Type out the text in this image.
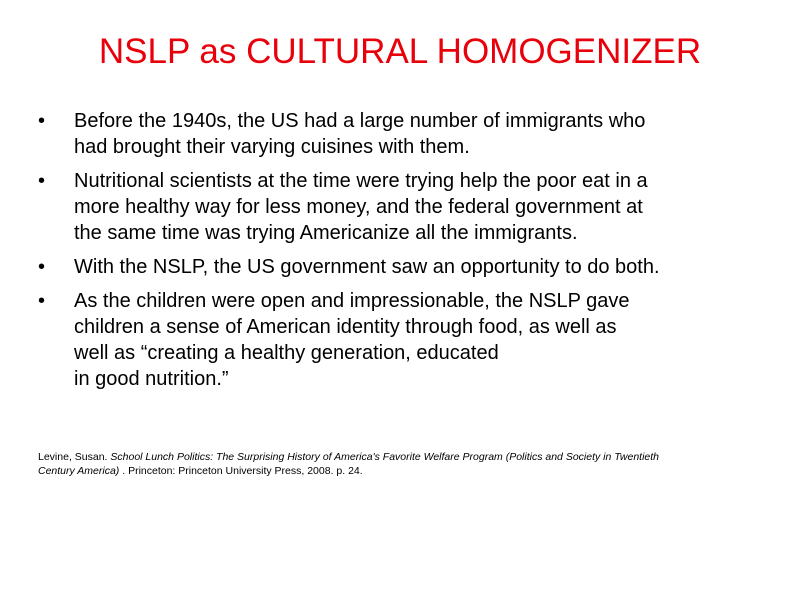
NSLP as CULTURAL HOMOGENIZER
•	Before the 1940s, the US had a large number of immigrants who
had brought their varying cuisines with them.
•	Nutritional scientists at the time were trying help the poor eat in a
more healthy way for less money, and the federal government at
the same time was trying Americanize all the immigrants.
•	With the NSLP, the US government saw an opportunity to do both.
•	As the children were open and impressionable, the NSLP gave
children a sense of American identity through food, as well as
well as “creating a healthy generation, educated
in good nutrition.”
Levine, Susan. School Lunch Politics: The Surprising History of America's Favorite Welfare Program (Politics and Society in Twentieth
Century America) . Princeton: Princeton University Press, 2008. p. 24.
